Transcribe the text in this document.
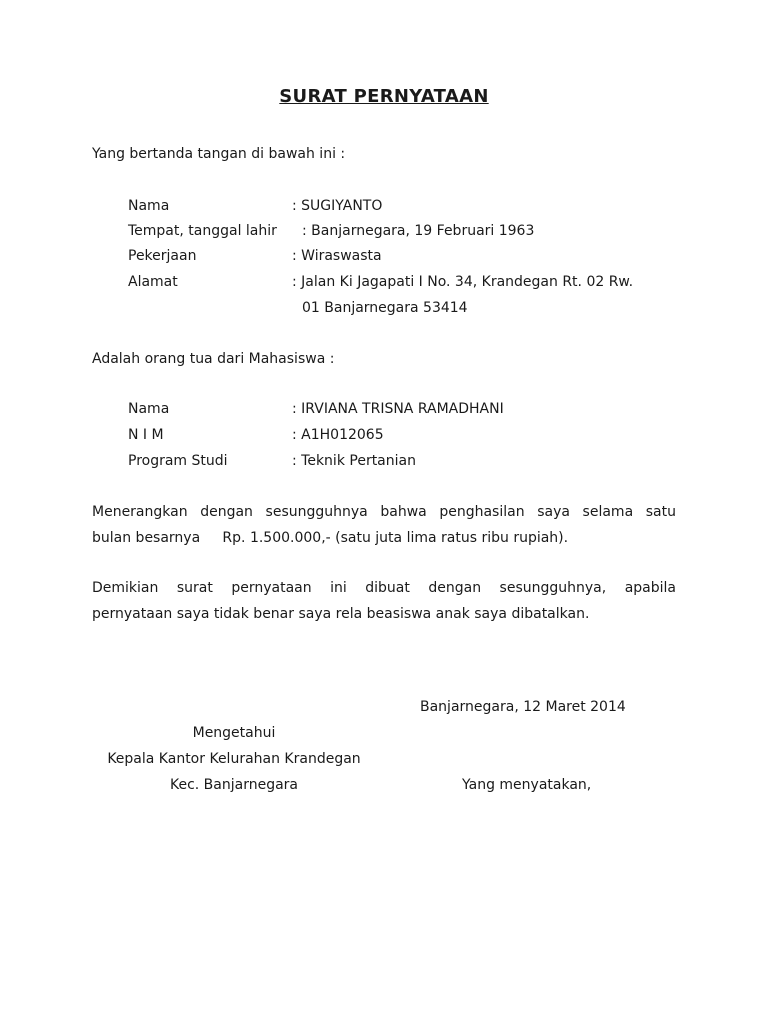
SURAT PERNYATAAN
Yang bertanda tangan di bawah ini :
Nama	: SUGIYANTO
Tempat, tanggal lahir : Banjarnegara, 19 Februari 1963
Pekerjaan	: Wiraswasta
Alamat	: Jalan Ki Jagapati I No. 34, Krandegan Rt. 02 Rw.
01 Banjarnegara 53414
Adalah orang tua dari Mahasiswa :
Nama	: IRVIANA TRISNA RAMADHANI
N I M	: A1H012065
Program Studi	: Teknik Pertanian
Menerangkan dengan sesungguhnya bahwa penghasilan saya selama satu
bulan besarnya     Rp. 1.500.000,- (satu juta lima ratus ribu rupiah).
Demikian surat pernyataan ini dibuat dengan sesungguhnya, apabila
pernyataan saya tidak benar saya rela beasiswa anak saya dibatalkan.
Banjarnegara, 12 Maret 2014
Mengetahui
Kepala Kantor Kelurahan Krandegan
Kec. Banjarnegara	Yang menyatakan,
